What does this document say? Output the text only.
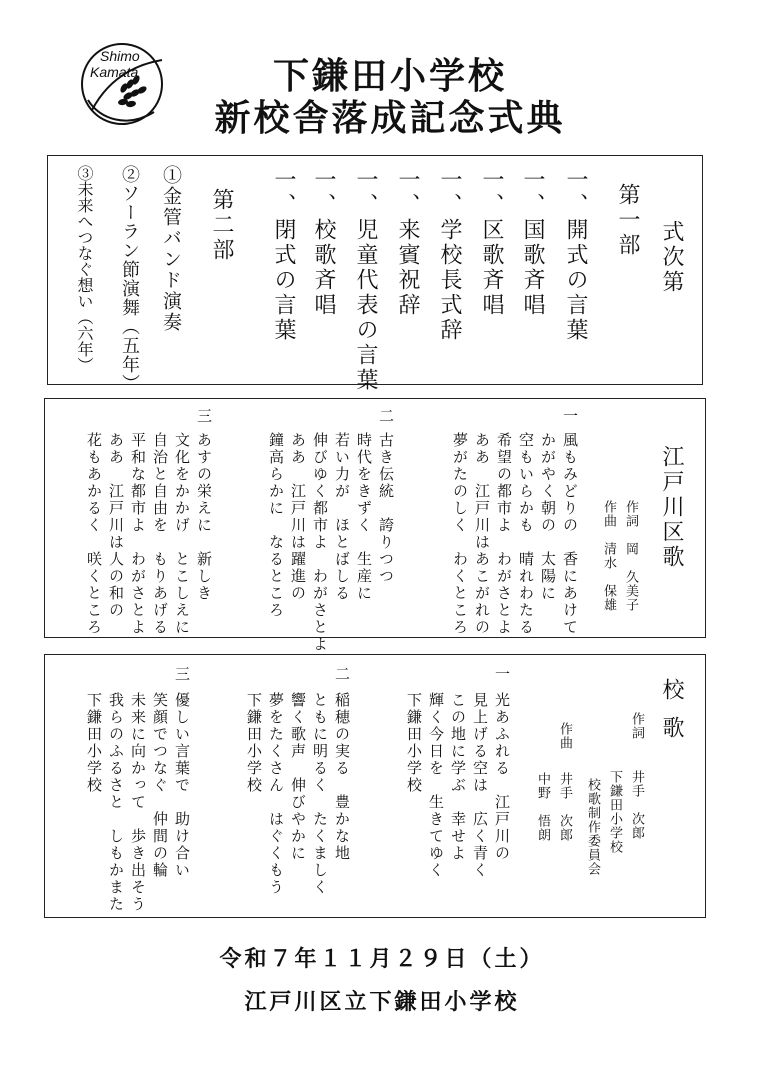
Shimo
Kamata	下鎌田小学校
新校舎落成記念式典
式次第
第一部
一、開式の言葉
一、国歌斉唱
一、区歌斉唱
一、学校長式辞
一、来賓祝辞
一、児童代表の言葉
一、校歌斉唱
一、閉式の言葉
第二部
①金管バンド演奏
②ソーラン節演舞（五年）
③未来へつなぐ想い（六年）
江戸川区歌
作詞　岡　久美子
作曲　清水　保雄
一
風もみどりの　香にあけて
かがやく朝の　太陽に
空もいらかも　晴れわたる
希望の都市よ　わがさとよ
ああ　江戸川はあこがれの
夢がたのしく　わくところ
二
古き伝統　誇りつつ
時代をきずく　生産に
若い力が　ほとばしる
伸びゆく都市よ　わがさとよ
ああ　江戸川は躍進の
鐘高らかに　なるところ
三
あすの栄えに　新しき
文化をかかげ　とこしえに
自治と自由を　もりあげる
平和な都市よ　わがさとよ
ああ　江戸川は人の和の
花もあかるく　咲くところ
校歌
作詞
井手　次郎
下鎌田小学校
校歌制作委員会
作曲
井手　次郎
中野　悟朗
一
光あふれる　江戸川の
見上げる空は　広く青く
この地に学ぶ　幸せよ
輝く今日を　生きてゆく
下鎌田小学校
二
稲穂の実る　豊かな地
ともに明るく　たくましく
響く歌声　伸びやかに
夢をたくさん　はぐくもう
下鎌田小学校
三
優しい言葉で　助け合い
笑顔でつなぐ　仲間の輪
未来に向かって　歩き出そう
我らのふるさと　しもかまた
下鎌田小学校
令和７年１１月２９日（土）
江戸川区立下鎌田小学校
